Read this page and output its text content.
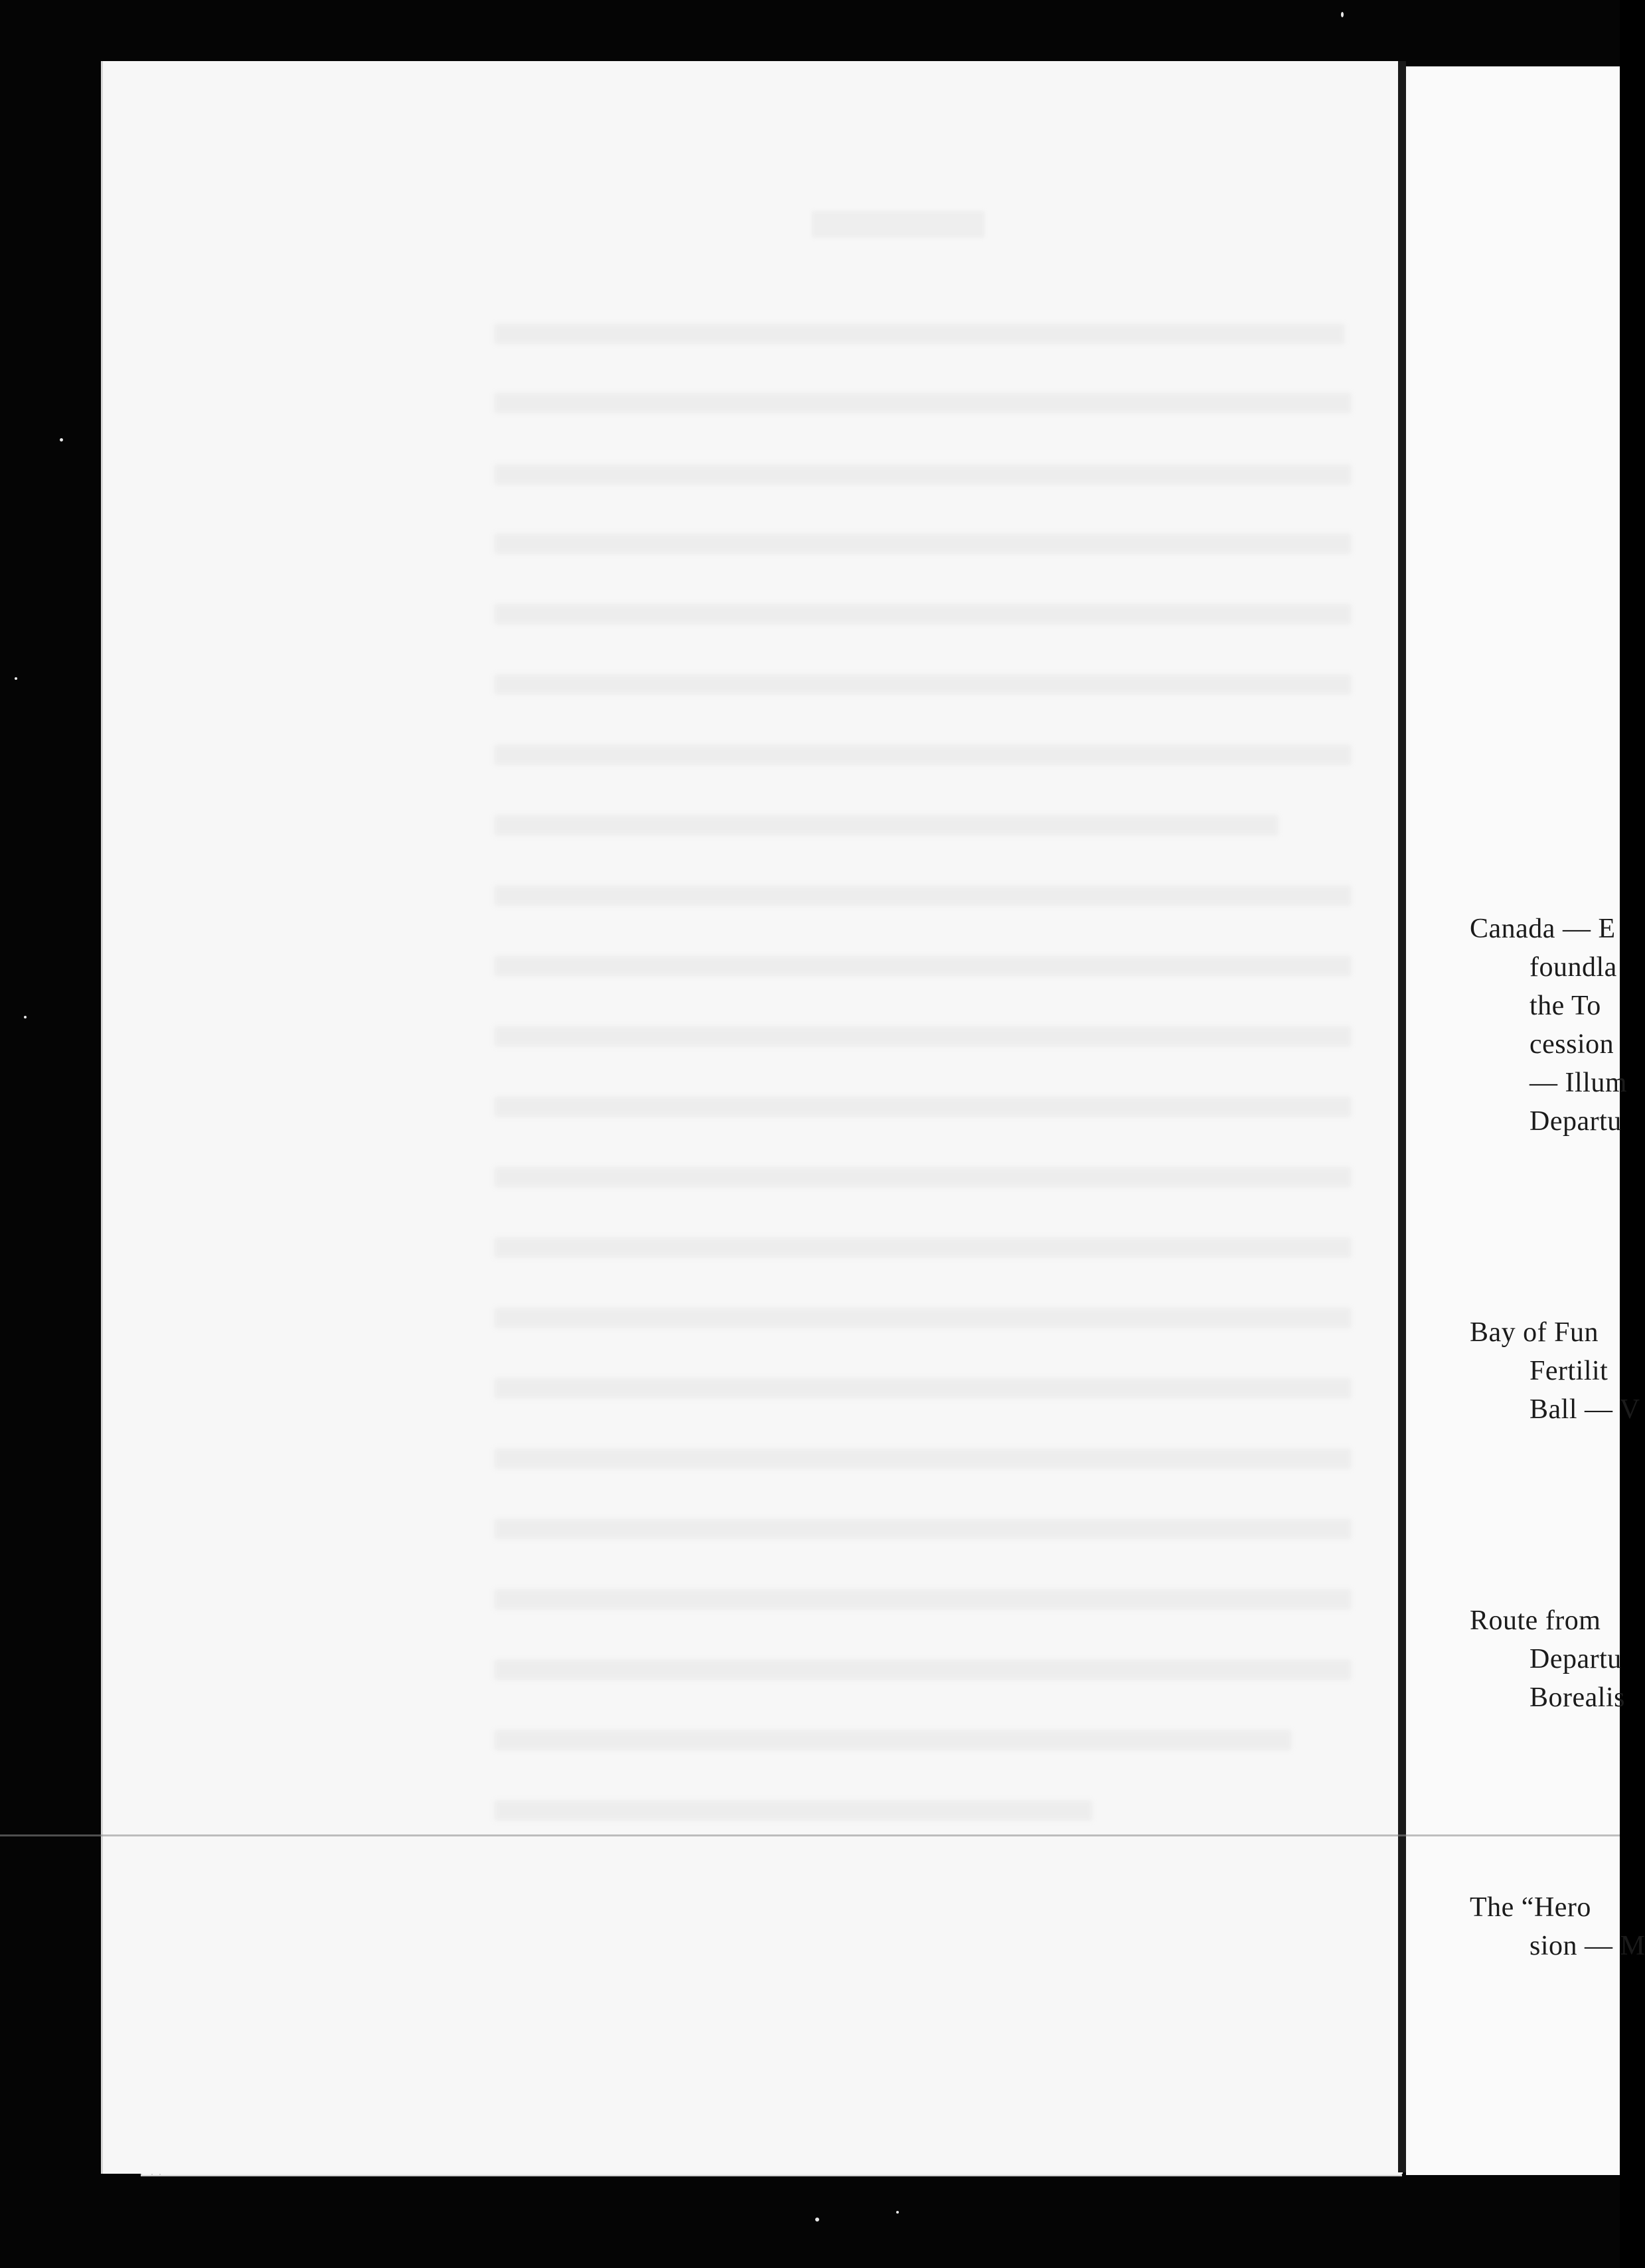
Canada — E
foundla
the To
cession
— Illum
Departu
Bay of Fun
Fertilit
Ball — V
Route from
Departu
Borealis
The “Hero
sion — M
